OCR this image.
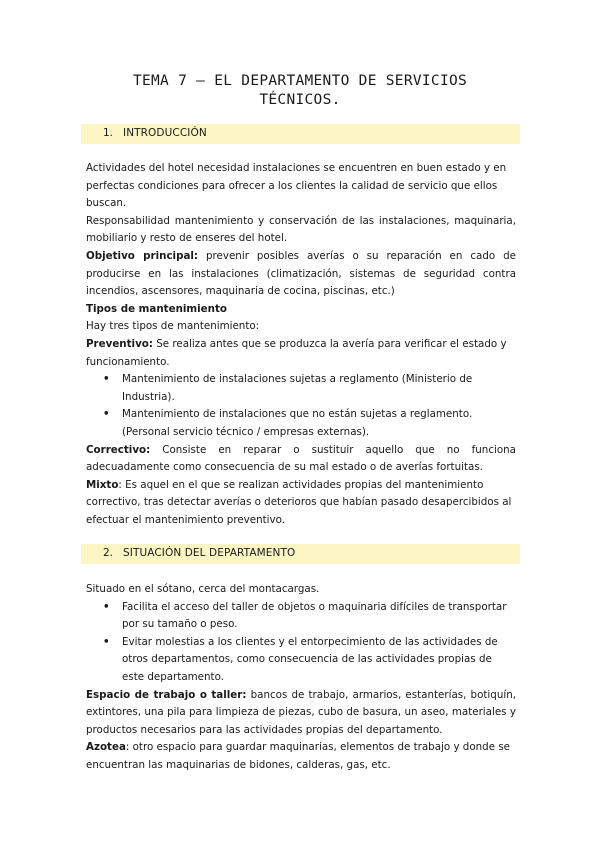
TEMA 7 – EL DEPARTAMENTO DE SERVICIOS
TÉCNICOS.
1. INTRODUCCIÓN

Actividades del hotel necesidad instalaciones se encuentren en buen estado y en perfectas condiciones para ofrecer a los clientes la calidad de servicio que ellos buscan.

Responsabilidad mantenimiento y conservación de las instalaciones, maquinaria, mobiliario y resto de enseres del hotel.

Objetivo principal: prevenir posibles averías o su reparación en cado de producirse en las instalaciones (climatización, sistemas de seguridad contra incendios, ascensores, maquinaria de cocina, piscinas, etc.)

Tipos de mantenimiento

Hay tres tipos de mantenimiento:

Preventivo: Se realiza antes que se produzca la avería para verificar el estado y funcionamiento.

• Mantenimiento de instalaciones sujetas a reglamento (Ministerio de Industria).

• Mantenimiento de instalaciones que no están sujetas a reglamento. (Personal servicio técnico / empresas externas).

Correctivo: Consiste en reparar o sustituir aquello que no funciona adecuadamente como consecuencia de su mal estado o de averías fortuitas.

Mixto: Es aquel en el que se realizan actividades propias del mantenimiento correctivo, tras detectar averías o deterioros que habían pasado desapercibidos al efectuar el mantenimiento preventivo.

2. SITUACIÓN DEL DEPARTAMENTO

Situado en el sótano, cerca del montacargas.

• Facilita el acceso del taller de objetos o maquinaria difíciles de transportar por su tamaño o peso.

• Evitar molestias a los clientes y el entorpecimiento de las actividades de otros departamentos, como consecuencia de las actividades propias de este departamento.

Espacio de trabajo o taller: bancos de trabajo, armarios, estanterías, botiquín, extintores, una pila para limpieza de piezas, cubo de basura, un aseo, materiales y productos necesarios para las actividades propias del departamento.

Azotea: otro espacio para guardar maquinarias, elementos de trabajo y donde se encuentran las maquinarias de bidones, calderas, gas, etc.
